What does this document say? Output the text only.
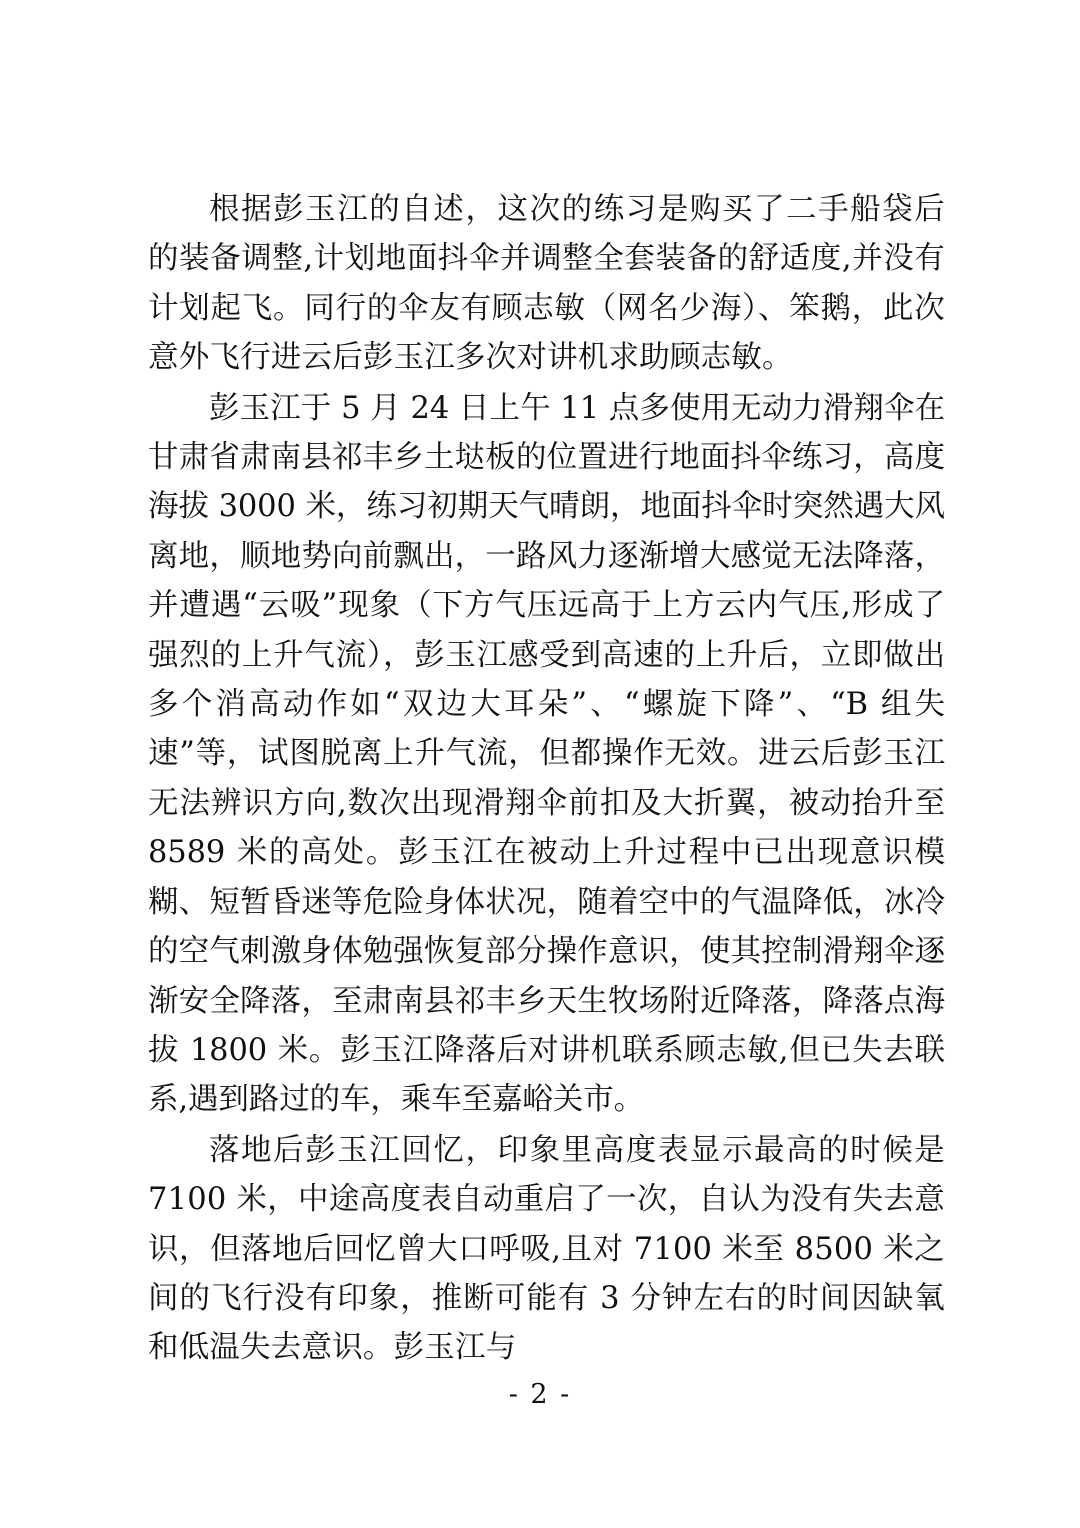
根据彭玉江的自述，这次的练习是购买了二手船袋后的装备调整,计划地面抖伞并调整全套装备的舒适度,并没有计划起飞。同行的伞友有顾志敏（网名少海）、笨鹅，此次意外飞行进云后彭玉江多次对讲机求助顾志敏。

彭玉江于 5 月 24 日上午 11 点多使用无动力滑翔伞在甘肃省肃南县祁丰乡土垯板的位置进行地面抖伞练习，高度海拔 3000 米，练习初期天气晴朗，地面抖伞时突然遇大风离地，顺地势向前飘出，一路风力逐渐增大感觉无法降落，并遭遇“云吸”现象（下方气压远高于上方云内气压,形成了强烈的上升气流），彭玉江感受到高速的上升后，立即做出多个消高动作如“双边大耳朵”、“螺旋下降”、“B 组失速”等，试图脱离上升气流，但都操作无效。进云后彭玉江无法辨识方向,数次出现滑翔伞前扣及大折翼，被动抬升至 8589 米的高处。彭玉江在被动上升过程中已出现意识模糊、短暂昏迷等危险身体状况，随着空中的气温降低，冰冷的空气刺激身体勉强恢复部分操作意识，使其控制滑翔伞逐渐安全降落，至肃南县祁丰乡天生牧场附近降落，降落点海拔 1800 米。彭玉江降落后对讲机联系顾志敏,但已失去联系,遇到路过的车，乘车至嘉峪关市。

落地后彭玉江回忆，印象里高度表显示最高的时候是 7100 米，中途高度表自动重启了一次，自认为没有失去意识，但落地后回忆曾大口呼吸,且对 7100 米至 8500 米之间的飞行没有印象，推断可能有 3 分钟左右的时间因缺氧和低温失去意识。彭玉江与

- 2 -
